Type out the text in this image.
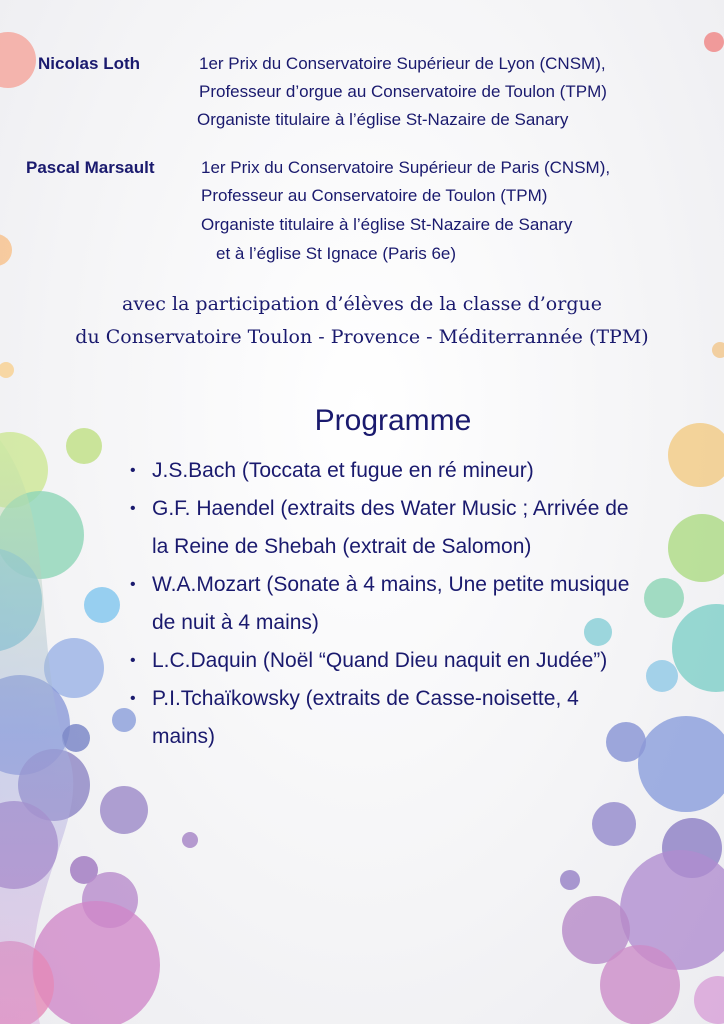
Nicolas Loth	1er Prix du Conservatoire Supérieur de Lyon (CNSM),
Professeur d’orgue au Conservatoire de Toulon (TPM)
Organiste titulaire à l’église St-Nazaire de Sanary
Pascal Marsault	1er Prix du Conservatoire Supérieur de Paris (CNSM),
Professeur au Conservatoire de Toulon (TPM)
Organiste titulaire à l’église St-Nazaire de Sanary
et à l’église St Ignace (Paris 6e)
avec la participation d’élèves de la classe d’orgue
du Conservatoire Toulon - Provence - Méditerrannée (TPM)
Programme
• J.S.Bach (Toccata et fugue en ré mineur)
• G.F. Haendel (extraits des Water Music ; Arrivée de la Reine de Shebah (extrait de Salomon)
• W.A.Mozart (Sonate à 4 mains, Une petite musique de nuit à 4 mains)
• L.C.Daquin (Noël “Quand Dieu naquit en Judée”)
• P.I.Tchaïkowsky (extraits de Casse-noisette, 4 mains)
